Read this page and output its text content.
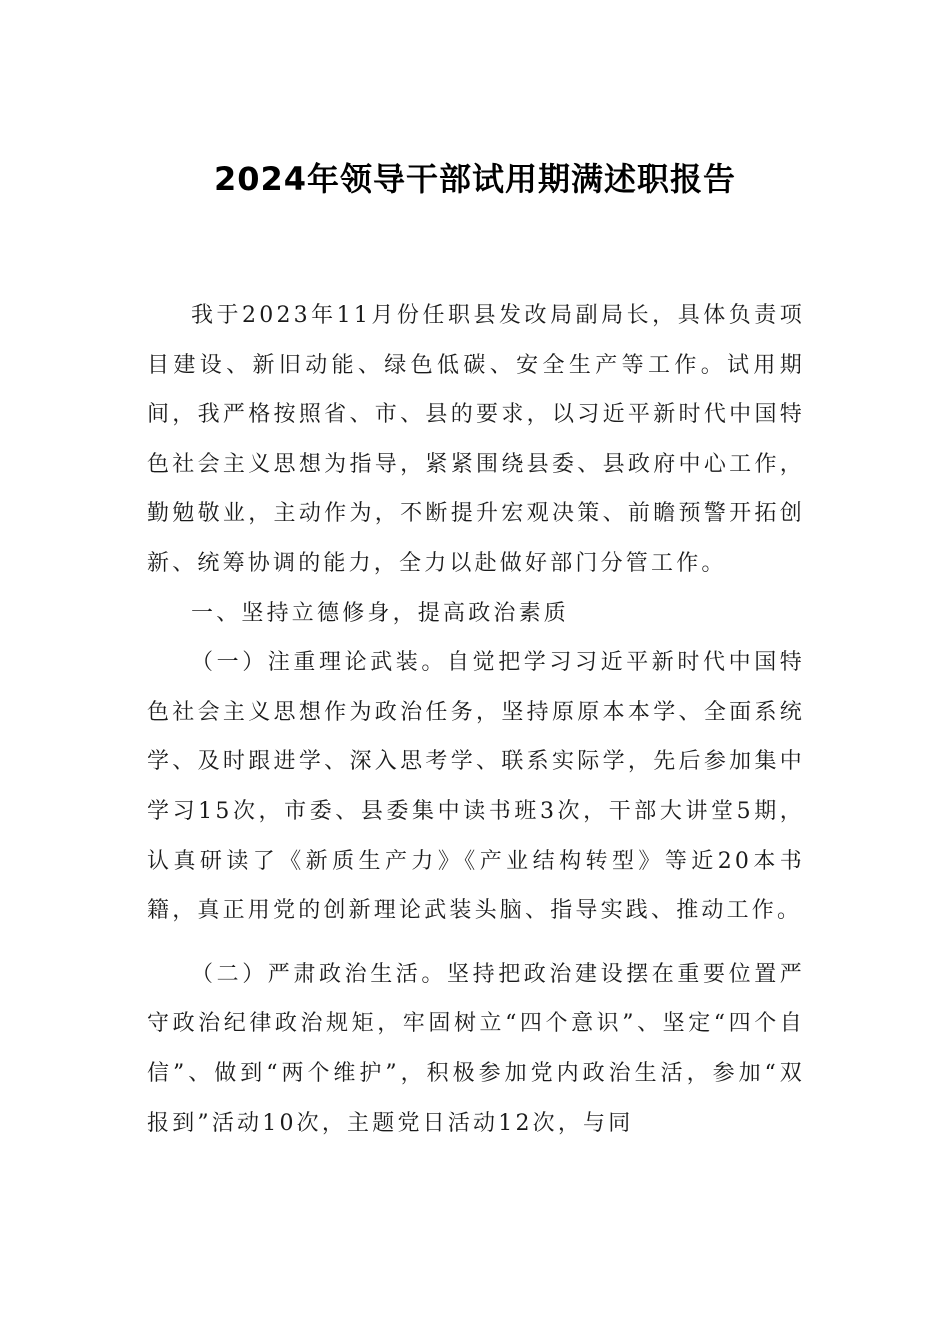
2024年领导干部试用期满述职报告

我于2023年11月份任职县发改局副局长，具体负责项目建设、新旧动能、绿色低碳、安全生产等工作。试用期间，我严格按照省、市、县的要求，以习近平新时代中国特色社会主义思想为指导，紧紧围绕县委、县政府中心工作，勤勉敬业，主动作为，不断提升宏观决策、前瞻预警开拓创新、统筹协调的能力，全力以赴做好部门分管工作。

一、坚持立德修身，提高政治素质

（一）注重理论武装。自觉把学习习近平新时代中国特色社会主义思想作为政治任务，坚持原原本本学、全面系统学、及时跟进学、深入思考学、联系实际学，先后参加集中学习15次，市委、县委集中读书班3次，干部大讲堂5期，认真研读了《新质生产力》《产业结构转型》等近20本书籍，真正用党的创新理论武装头脑、指导实践、推动工作。

（二）严肃政治生活。坚持把政治建设摆在重要位置严守政治纪律政治规矩，牢固树立“四个意识”、坚定“四个自信”、做到“两个维护”，积极参加党内政治生活，参加“双报到”活动10次，主题党日活动12次，与同
